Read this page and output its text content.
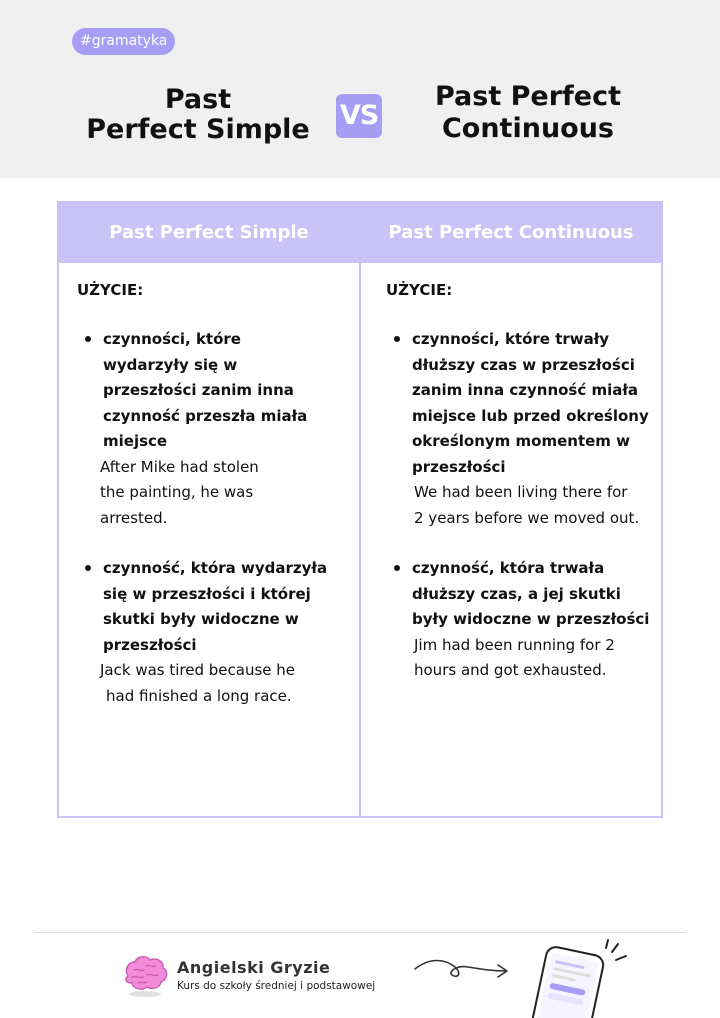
#gramatyka
Past
Perfect Simple	VS
Past Perfect
Continuous
Past Perfect Simple	Past Perfect Continuous
UŻYCIE:
czynności, które
wydarzyły się w
przeszłości zanim inna
czynność przeszła miała
miejsce
After Mike had stolen
the painting, he was
arrested.
czynność, która wydarzyła
się w przeszłości i której
skutki były widoczne w
przeszłości
Jack was tired because he
had finished a long race.
UŻYCIE:
czynności, które trwały
dłuższy czas w przeszłości
zanim inna czynność miała
miejsce lub przed określony
określonym momentem w
przeszłości
We had been living there for
2 years before we moved out.
czynność, która trwała
dłuższy czas, a jej skutki
były widoczne w przeszłości
Jim had been running for 2
hours and got exhausted.
Angielski Gryzie
Kurs do szkoły średniej i podstawowej
